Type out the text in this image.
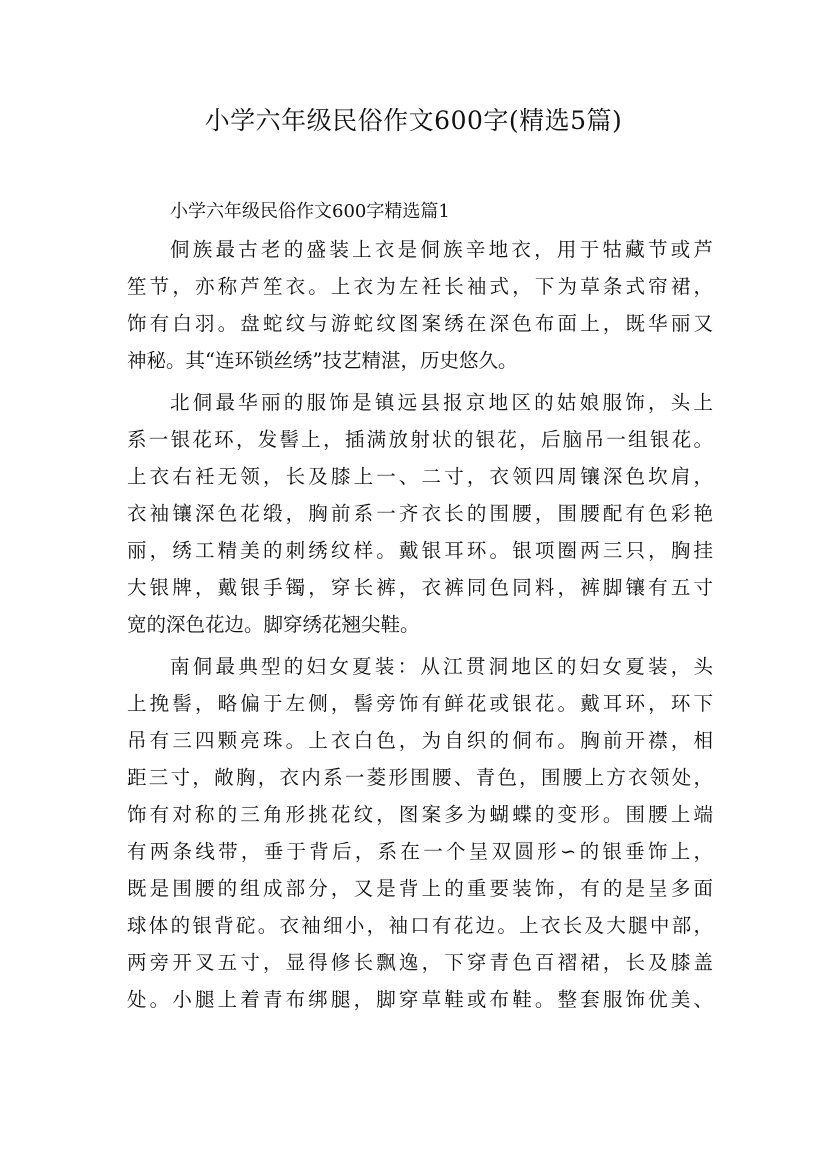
小学六年级民俗作文600字(精选5篇)
小学六年级民俗作文600字精选篇1
侗族最古老的盛装上衣是侗族辛地衣，用于牯藏节或芦
笙节，亦称芦笙衣。上衣为左衽长袖式，下为草条式帘裙，
饰有白羽。盘蛇纹与游蛇纹图案绣在深色布面上，既华丽又
神秘。其“连环锁丝绣”技艺精湛，历史悠久。
北侗最华丽的服饰是镇远县报京地区的姑娘服饰，头上
系一银花环，发髻上，插满放射状的银花，后脑吊一组银花。
上衣右衽无领，长及膝上一、二寸，衣领四周镶深色坎肩，
衣袖镶深色花缎，胸前系一齐衣长的围腰，围腰配有色彩艳
丽，绣工精美的刺绣纹样。戴银耳环。银项圈两三只，胸挂
大银牌，戴银手镯，穿长裤，衣裤同色同料，裤脚镶有五寸
宽的深色花边。脚穿绣花翘尖鞋。
南侗最典型的妇女夏装：从江贯洞地区的妇女夏装，头
上挽髻，略偏于左侧，髻旁饰有鲜花或银花。戴耳环，环下
吊有三四颗亮珠。上衣白色，为自织的侗布。胸前开襟，相
距三寸，敞胸，衣内系一菱形围腰、青色，围腰上方衣领处，
饰有对称的三角形挑花纹，图案多为蝴蝶的变形。围腰上端
有两条线带，垂于背后，系在一个呈双圆形∽的银垂饰上，
既是围腰的组成部分，又是背上的重要装饰，有的是呈多面
球体的银背砣。衣袖细小，袖口有花边。上衣长及大腿中部，
两旁开叉五寸，显得修长飘逸，下穿青色百褶裙，长及膝盖
处。小腿上着青布绑腿，脚穿草鞋或布鞋。整套服饰优美、
